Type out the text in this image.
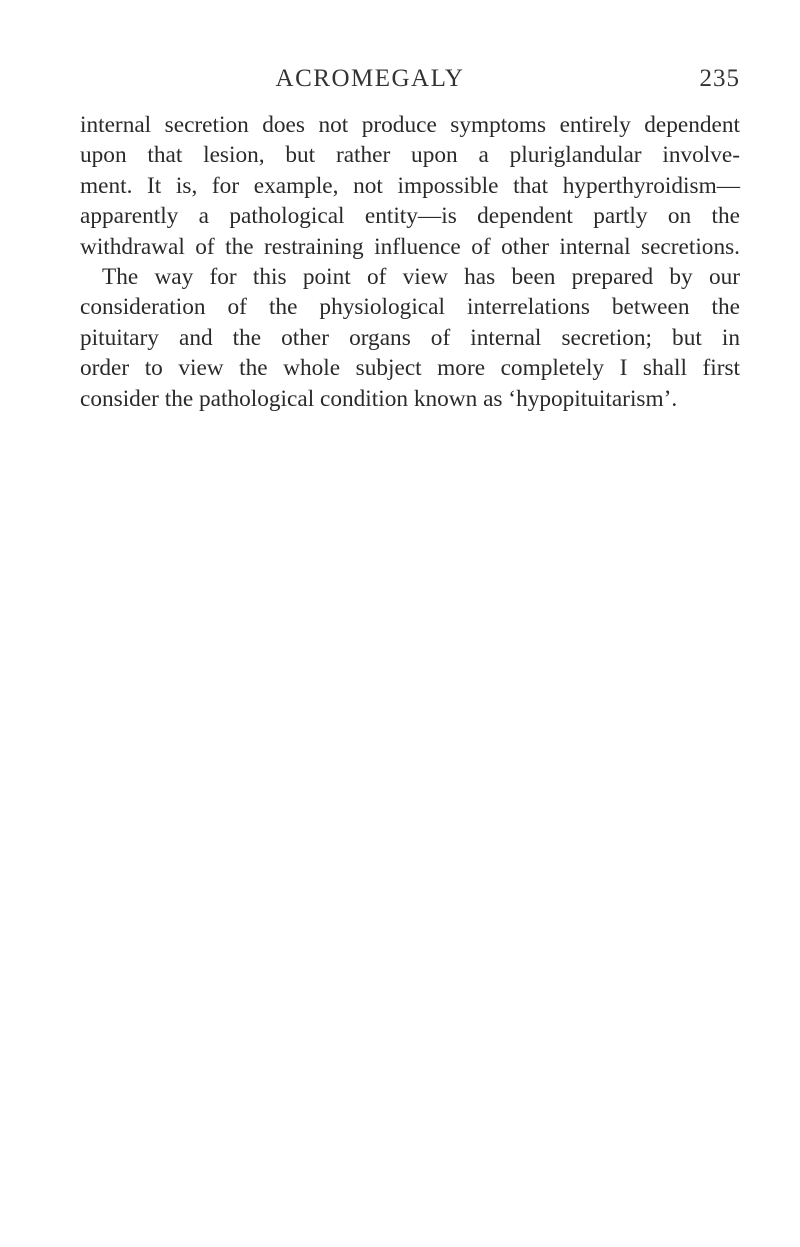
ACROMEGALY	235

internal secretion does not produce symptoms entirely dependent
upon that lesion, but rather upon a pluriglandular involve-
ment. It is, for example, not impossible that hyperthyroidism—
apparently a pathological entity—is dependent partly on the
withdrawal of the restraining influence of other internal secretions.

The way for this point of view has been prepared by our
consideration of the physiological interrelations between the
pituitary and the other organs of internal secretion; but in
order to view the whole subject more completely I shall first
consider the pathological condition known as ‘hypopituitarism’.
